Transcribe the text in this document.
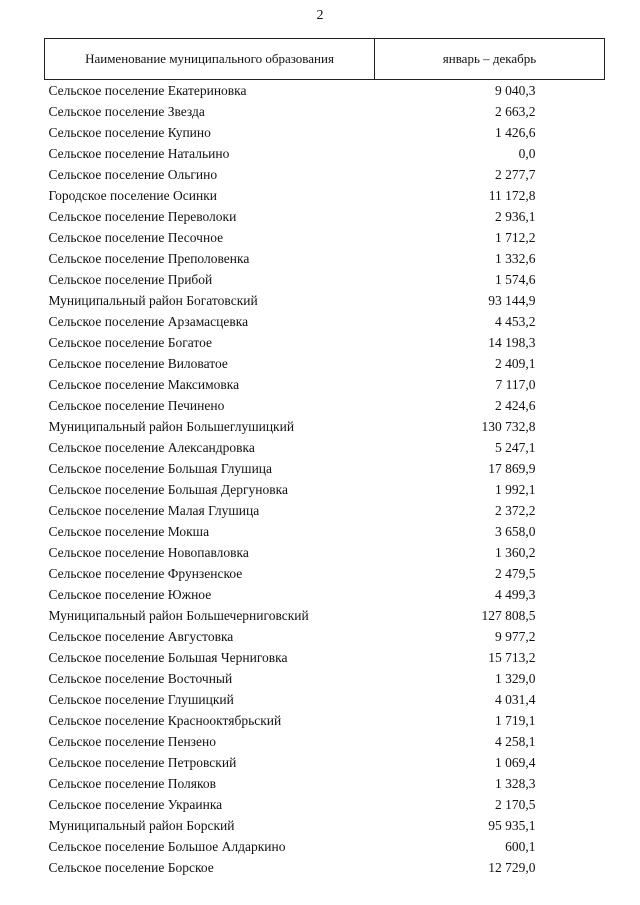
2
Наименование муниципального образования	январь – декабрь
Сельское поселение Екатериновка	9 040,3
Сельское поселение Звезда	2 663,2
Сельское поселение Купино	1 426,6
Сельское поселение Натальино	0,0
Сельское поселение Ольгино	2 277,7
Городское поселение Осинки	11 172,8
Сельское поселение Переволоки	2 936,1
Сельское поселение Песочное	1 712,2
Сельское поселение Преполовенка	1 332,6
Сельское поселение Прибой	1 574,6
Муниципальный район Богатовский	93 144,9
Сельское поселение Арзамасцевка	4 453,2
Сельское поселение Богатое	14 198,3
Сельское поселение Виловатое	2 409,1
Сельское поселение Максимовка	7 117,0
Сельское поселение Печинено	2 424,6
Муниципальный район Большеглушицкий	130 732,8
Сельское поселение Александровка	5 247,1
Сельское поселение Большая Глушица	17 869,9
Сельское поселение Большая Дергуновка	1 992,1
Сельское поселение Малая Глушица	2 372,2
Сельское поселение Мокша	3 658,0
Сельское поселение Новопавловка	1 360,2
Сельское поселение Фрунзенское	2 479,5
Сельское поселение Южное	4 499,3
Муниципальный район Большечерниговский	127 808,5
Сельское поселение Августовка	9 977,2
Сельское поселение Большая Черниговка	15 713,2
Сельское поселение Восточный	1 329,0
Сельское поселение Глушицкий	4 031,4
Сельское поселение Краснооктябрьский	1 719,1
Сельское поселение Пензено	4 258,1
Сельское поселение Петровский	1 069,4
Сельское поселение Поляков	1 328,3
Сельское поселение Украинка	2 170,5
Муниципальный район Борский	95 935,1
Сельское поселение Большое Алдаркино	600,1
Сельское поселение Борское	12 729,0
